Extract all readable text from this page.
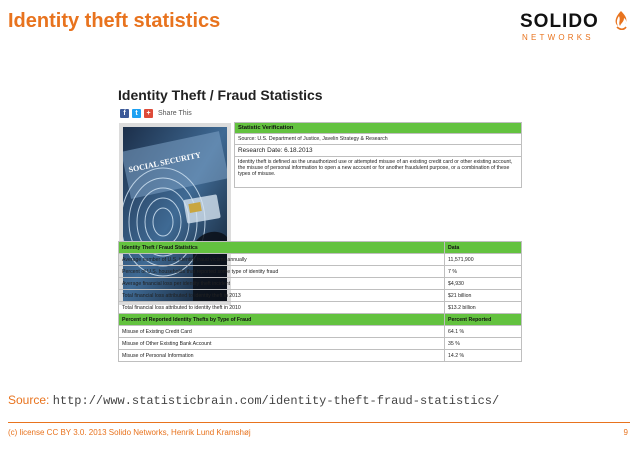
Identity theft statistics	SOLIDO
NETWORKS
Identity Theft / Fraud Statistics
f	t	+	Share This
SOCIAL SECURITY
Statistic Verification
Source: U.S. Department of Justice, Javelin Strategy & Research
Research Date: 6.18.2013
Identity theft is defined as the unauthorized use or attempted misuse of an existing credit card or other existing account, the misuse of personal information to open a new account or for another fraudulent purpose, or a combination of these types of misuse.
Identity Theft / Fraud Statistics	Data
Average number of U.S. identity fraud victims annually	11,571,900
Percent of U.S. households that reported some type of identity fraud	7 %
Average financial loss per identity theft incident	$4,930
Total financial loss attributed to identity theft in 2013	$21 billion
Total financial loss attributed to identity theft in 2010	$13.2 billion
Percent of Reported Identity Thefts by Type of Fraud	Percent Reported
Misuse of Existing Credit Card	64.1 %
Misuse of Other Existing Bank Account	35 %
Misuse of Personal Information	14.2 %
Source: http://www.statisticbrain.com/identity-theft-fraud-statistics/
(c) license CC BY 3.0. 2013 Solido Networks, Henrik Lund Kramshøj	9
